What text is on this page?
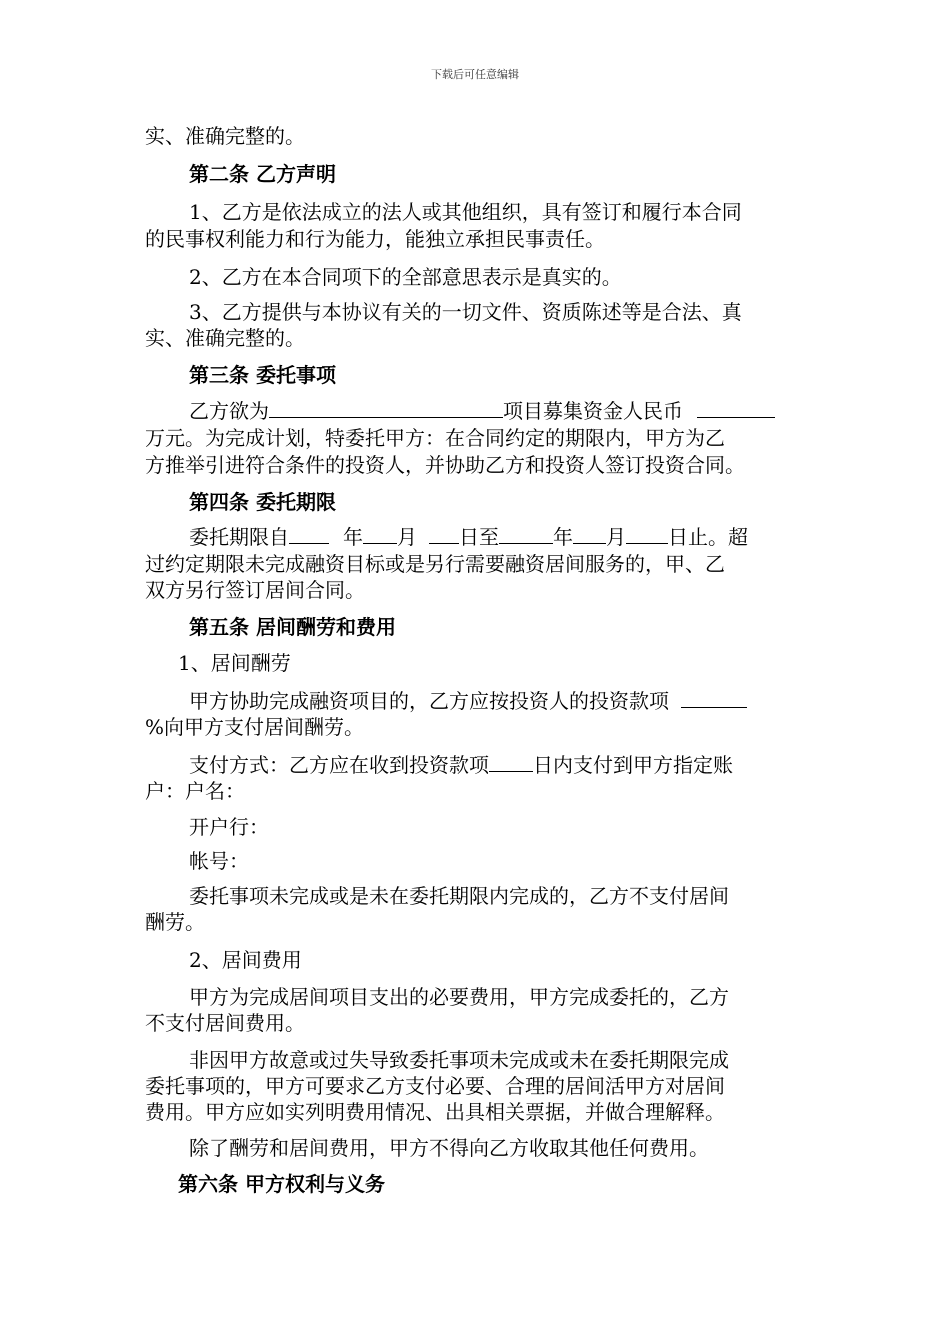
下载后可任意编辑
实、准确完整的。
第二条 乙方声明
1、乙方是依法成立的法人或其他组织，具有签订和履行本合同
的民事权利能力和行为能力，能独立承担民事责任。
2、乙方在本合同项下的全部意思表示是真实的。
3、乙方提供与本协议有关的一切文件、资质陈述等是合法、真
实、准确完整的。
第三条 委托事项
乙方欲为	项目募集资金人民币
万元。为完成计划，特委托甲方：在合同约定的期限内，甲方为乙
方推举引进符合条件的投资人，并协助乙方和投资人签订投资合同。
第四条 委托期限
委托期限自	年 月 日至	年 月 日止。超
过约定期限未完成融资目标或是另行需要融资居间服务的，甲、乙
双方另行签订居间合同。
第五条 居间酬劳和费用
1、居间酬劳
甲方协助完成融资项目的，乙方应按投资人的投资款项
%向甲方支付居间酬劳。
支付方式：乙方应在收到投资款项 日内支付到甲方指定账
户：户名：
开户行：
帐号：
委托事项未完成或是未在委托期限内完成的，乙方不支付居间
酬劳。
2、居间费用
甲方为完成居间项目支出的必要费用，甲方完成委托的，乙方
不支付居间费用。
非因甲方故意或过失导致委托事项未完成或未在委托期限完成
委托事项的，甲方可要求乙方支付必要、合理的居间活甲方对居间
费用。甲方应如实列明费用情况、出具相关票据，并做合理解释。
除了酬劳和居间费用，甲方不得向乙方收取其他任何费用。
第六条 甲方权利与义务
